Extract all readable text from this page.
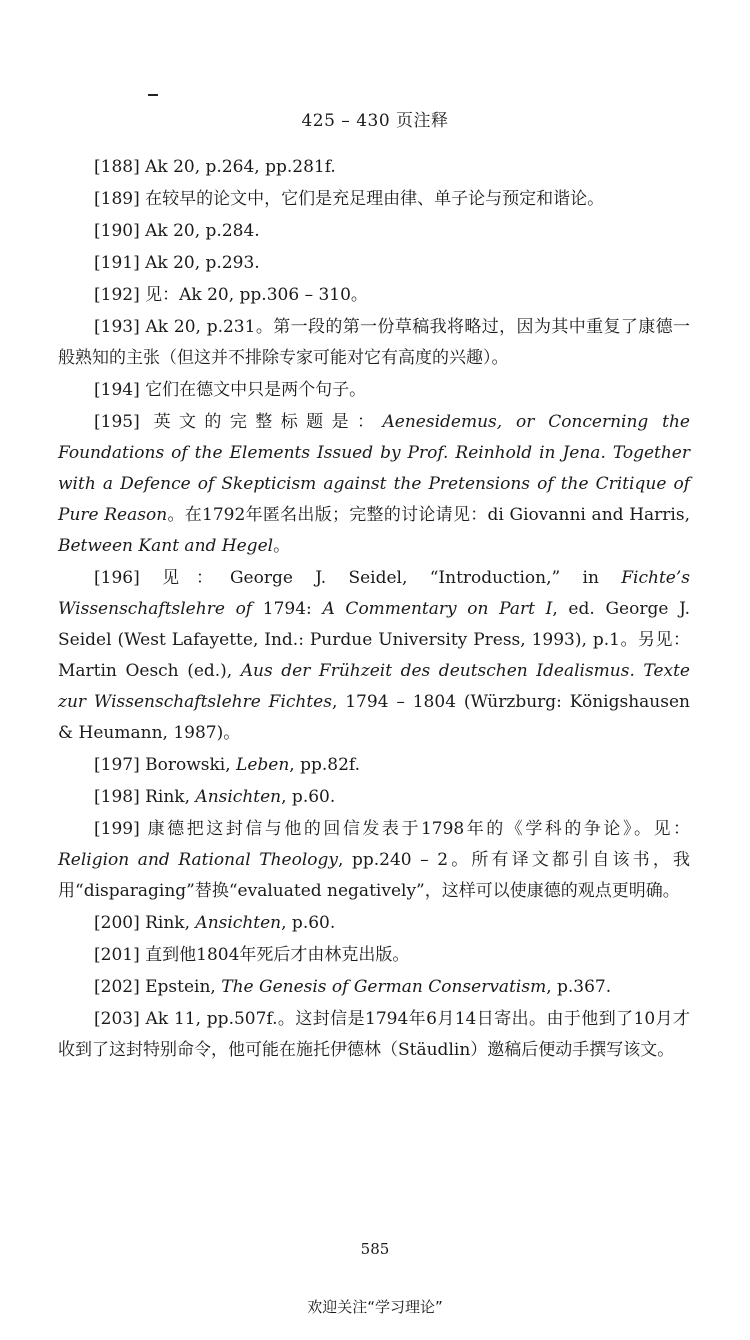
425 – 430 页注释

[188] Ak 20, p.264, pp.281f.

[189] 在较早的论文中，它们是充足理由律、单子论与预定和谐论。

[190] Ak 20, p.284.

[191] Ak 20, p.293.

[192] 见：Ak 20, pp.306 – 310。

[193] Ak 20, p.231。第一段的第一份草稿我将略过，因为其中重复了康德一般熟知的主张（但这并不排除专家可能对它有高度的兴趣）。

[194] 它们在德文中只是两个句子。

[195] 英文的完整标题是：Aenesidemus, or Concerning the Foundations of the Elements Issued by Prof. Reinhold in Jena. Together with a Defence of Skepticism against the Pretensions of the Critique of Pure Reason。在1792年匿名出版；完整的讨论请见：di Giovanni and Harris, Between Kant and Hegel。

[196] 见：George J. Seidel, “Introduction,” in Fichte’s Wissenschaftslehre of 1794: A Commentary on Part I, ed. George J. Seidel (West Lafayette, Ind.: Purdue University Press, 1993), p.1。另见：Martin Oesch (ed.), Aus der Frühzeit des deutschen Idealismus. Texte zur Wissenschaftslehre Fichtes, 1794 – 1804 (Würzburg: Königshausen & Heumann, 1987)。

[197] Borowski, Leben, pp.82f.

[198] Rink, Ansichten, p.60.

[199] 康德把这封信与他的回信发表于1798年的《学科的争论》。见：Religion and Rational Theology, pp.240 – 2。所有译文都引自该书，我用“disparaging”替换“evaluated negatively”，这样可以使康德的观点更明确。

[200] Rink, Ansichten, p.60.

[201] 直到他1804年死后才由林克出版。

[202] Epstein, The Genesis of German Conservatism, p.367.

[203] Ak 11, pp.507f.。这封信是1794年6月14日寄出。由于他到了10月才收到了这封特别命令，他可能在施托伊德林（Stäudlin）邀稿后便动手撰写该文。

585
欢迎关注“学习理论”
